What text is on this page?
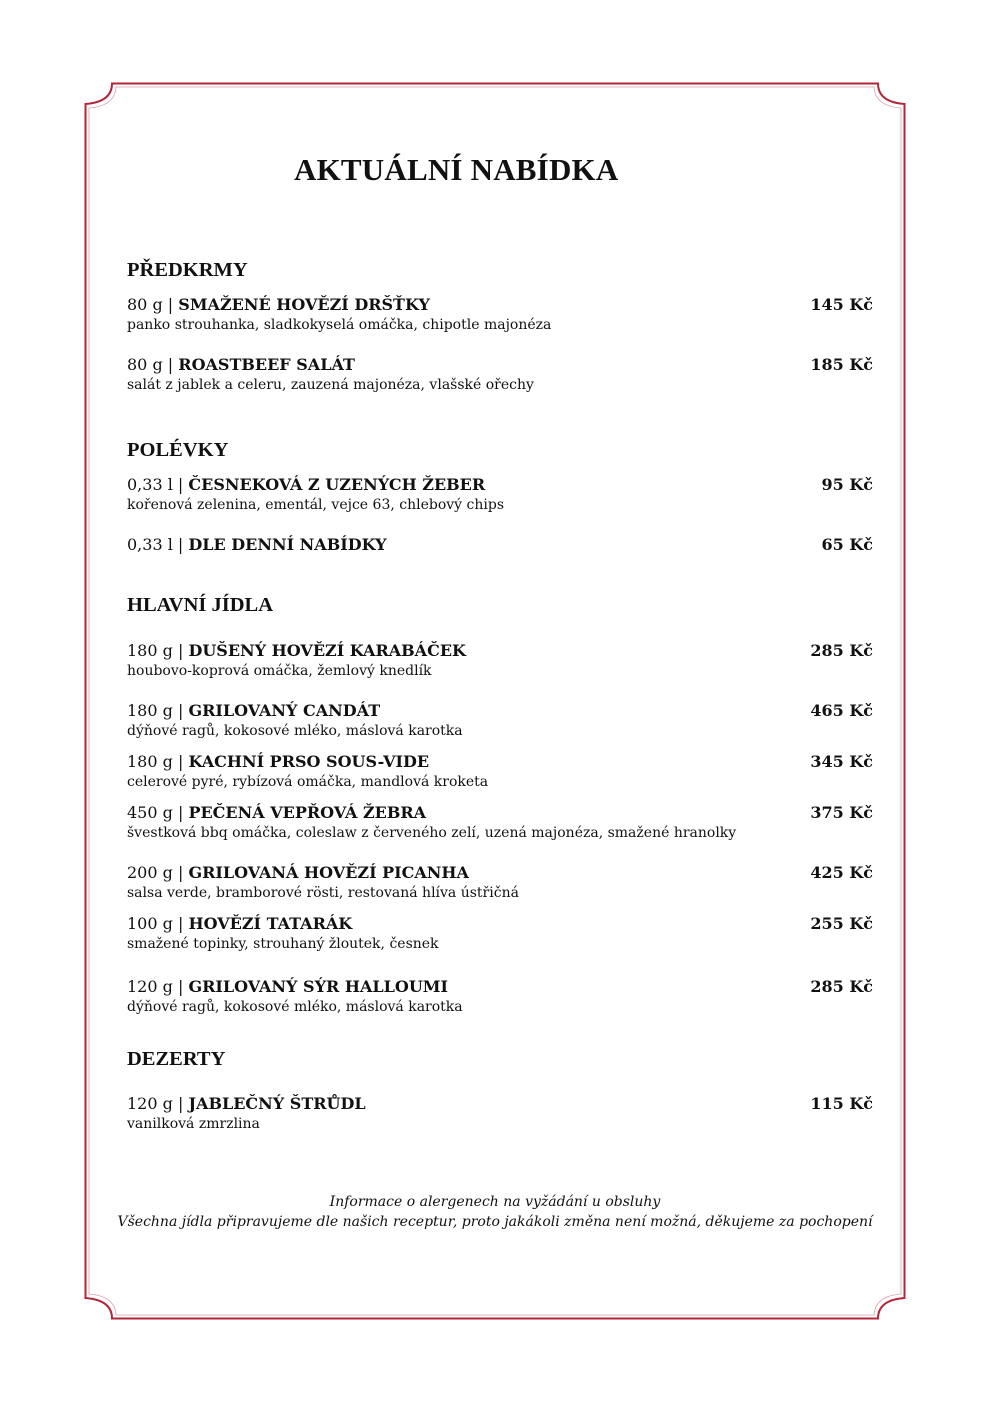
AKTUÁLNÍ NABÍDKA
PŘEDKRMY
80 g | SMAŽENÉ HOVĚZÍ DRŠŤKY	145 Kč
panko strouhanka, sladkokyselá omáčka, chipotle majonéza
80 g | ROASTBEEF SALÁT	185 Kč
salát z jablek a celeru, zauzená majonéza, vlašské ořechy
POLÉVKY
0,33 l | ČESNEKOVÁ Z UZENÝCH ŽEBER	95 Kč
kořenová zelenina, ementál, vejce 63, chlebový chips
0,33 l | DLE DENNÍ NABÍDKY	65 Kč
HLAVNÍ JÍDLA
180 g | DUŠENÝ HOVĚZÍ KARABÁČEK	285 Kč
houbovo-koprová omáčka, žemlový knedlík
180 g | GRILOVANÝ CANDÁT	465 Kč
dýňové ragů, kokosové mléko, máslová karotka
180 g | KACHNÍ PRSO SOUS-VIDE	345 Kč
celerové pyré, rybízová omáčka, mandlová kroketa
450 g | PEČENÁ VEPŘOVÁ ŽEBRA	375 Kč
švestková bbq omáčka, coleslaw z červeného zelí, uzená majonéza, smažené hranolky
200 g | GRILOVANÁ HOVĚZÍ PICANHA	425 Kč
salsa verde, bramborové rösti, restovaná hlíva ústřičná
100 g | HOVĚZÍ TATARÁK	255 Kč
smažené topinky, strouhaný žloutek, česnek
120 g | GRILOVANÝ SÝR HALLOUMI	285 Kč
dýňové ragů, kokosové mléko, máslová karotka
DEZERTY
120 g | JABLEČNÝ ŠTRŮDL	115 Kč
vanilková zmrzlina
Informace o alergenech na vyžádání u obsluhy
Všechna jídla připravujeme dle našich receptur, proto jakákoli změna není možná, děkujeme za pochopení
